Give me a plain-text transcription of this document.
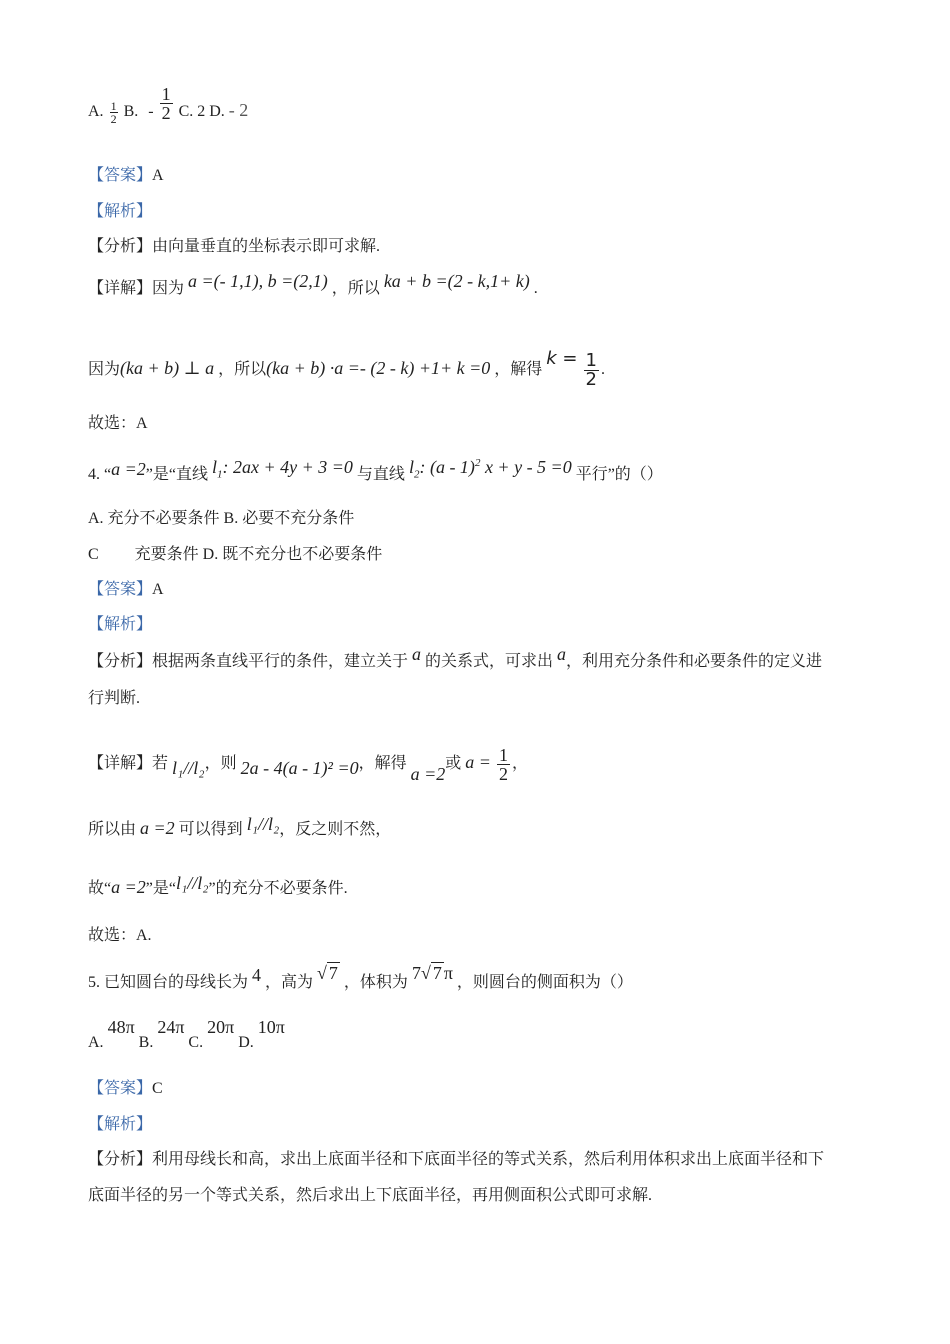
A. $\frac{1}{2} B$. - $\frac{1}{2} C$. 2 D. - 2
【答案】A
【解析】
【分析】由向量垂直的坐标表示即可求解.
【详解】因为 a =(- 1,1), b =(2,1) ，所以 ka + b =(2 - k,1+ k) .
因为(ka + b) ⊥ a ，所以(ka + b) ·a =- (2 - k) +1+ k =0 ，解得 $k = \frac{1}{2}$ .
故选：A
4. “a =2”是“直线 $l_1$: 2ax + 4y + 3 =0 与直线 $l_2$: (a - 1)$^2$ x + y - 5 =0 平行”的（）
A. 充分不必要条件 B. 必要不充分条件
C 充要条件 D. 既不充分也不必要条件
【答案】A
【解析】
【分析】根据两条直线平行的条件，建立关于 a 的关系式，可求出 a，利用充分条件和必要条件的定义进
行判断.
【详解】若 l₁//l₂，则 2a - 4(a - 1)² =0，解得 a =2或 $a = \frac{1}{2}$ ，
所以由 a =2 可以得到 l₁//l₂，反之则不然，
故“a =2”是“l₁//l₂”的充分不必要条件.
故选：A.
5. 已知圆台的母线长为 4 ，高为 √ 7 ，体积为 7√ 7 π ，则圆台的侧面积为（）
A. 48π B. 24π C. 20π D. 10π
【答案】C
【解析】
【分析】利用母线长和高，求出上底面半径和下底面半径的等式关系，然后利用体积求出上底面半径和下
底面半径的另一个等式关系，然后求出上下底面半径，再用侧面积公式即可求解.
